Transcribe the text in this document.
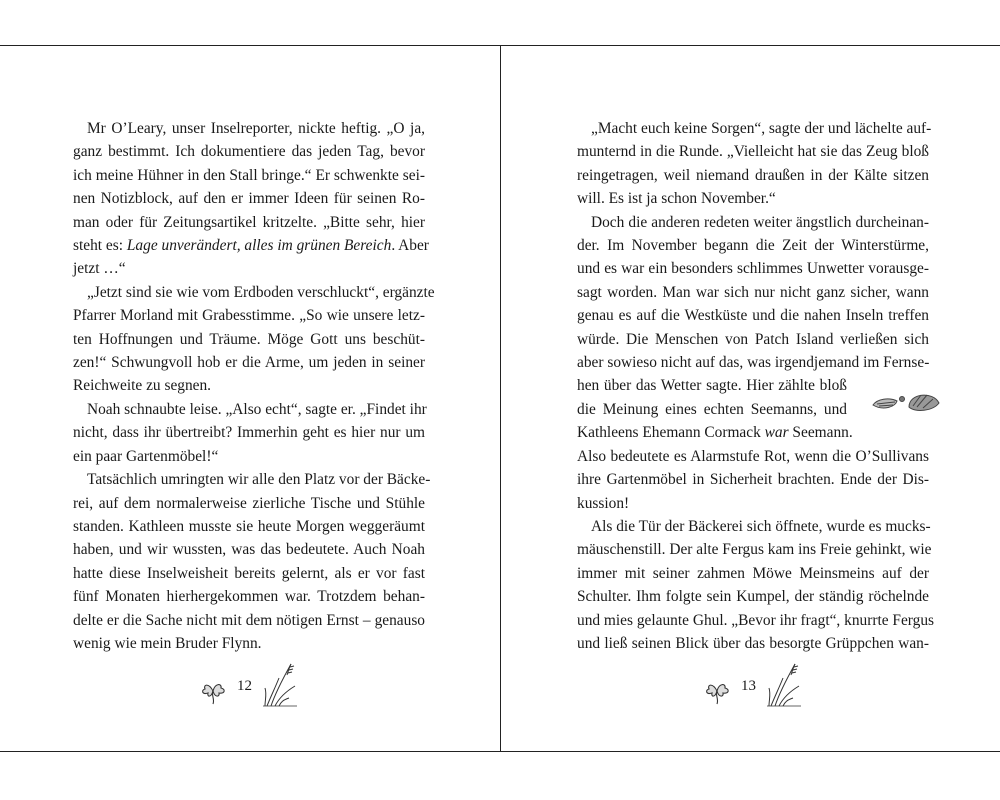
Mr O’Leary, unser Inselreporter, nickte heftig. „O ja,
ganz bestimmt. Ich dokumentiere das jeden Tag, bevor
ich meine Hühner in den Stall bringe.“ Er schwenkte sei-
nen Notizblock, auf den er immer Ideen für seinen Ro-
man oder für Zeitungsartikel kritzelte. „Bitte sehr, hier
steht es: Lage unverändert, alles im grünen Bereich. Aber
jetzt …“
„Jetzt sind sie wie vom Erdboden verschluckt“, ergänzte
Pfarrer Morland mit Grabesstimme. „So wie unsere letz-
ten Hoffnungen und Träume. Möge Gott uns beschüt-
zen!“ Schwungvoll hob er die Arme, um jeden in seiner
Reichweite zu segnen.
Noah schnaubte leise. „Also echt“, sagte er. „Findet ihr
nicht, dass ihr übertreibt? Immerhin geht es hier nur um
ein paar Gartenmöbel!“
Tatsächlich umringten wir alle den Platz vor der Bäcke-
rei, auf dem normalerweise zierliche Tische und Stühle
standen. Kathleen musste sie heute Morgen weggeräumt
haben, und wir wussten, was das bedeutete. Auch Noah
hatte diese Inselweisheit bereits gelernt, als er vor fast
fünf Monaten hierhergekommen war. Trotzdem behan-
delte er die Sache nicht mit dem nötigen Ernst – genauso
wenig wie mein Bruder Flynn.
12
„Macht euch keine Sorgen“, sagte der und lächelte auf-
munternd in die Runde. „Vielleicht hat sie das Zeug bloß
reingetragen, weil niemand draußen in der Kälte sitzen
will. Es ist ja schon November.“
Doch die anderen redeten weiter ängstlich durcheinan-
der. Im November begann die Zeit der Winterstürme,
und es war ein besonders schlimmes Unwetter vorausge-
sagt worden. Man war sich nur nicht ganz sicher, wann
genau es auf die Westküste und die nahen Inseln treffen
würde. Die Menschen von Patch Island verließen sich
aber sowieso nicht auf das, was irgendjemand im Fernse-
hen über das Wetter sagte. Hier zählte bloß
die Meinung eines echten Seemanns, und
Kathleens Ehemann Cormack war Seemann.
Also bedeutete es Alarmstufe Rot, wenn die O’Sullivans
ihre Gartenmöbel in Sicherheit brachten. Ende der Dis-
kussion!
Als die Tür der Bäckerei sich öffnete, wurde es mucks-
mäuschenstill. Der alte Fergus kam ins Freie gehinkt, wie
immer mit seiner zahmen Möwe Meinsmeins auf der
Schulter. Ihm folgte sein Kumpel, der ständig röchelnde
und mies gelaunte Ghul. „Bevor ihr fragt“, knurrte Fergus
und ließ seinen Blick über das besorgte Grüppchen wan-
13
